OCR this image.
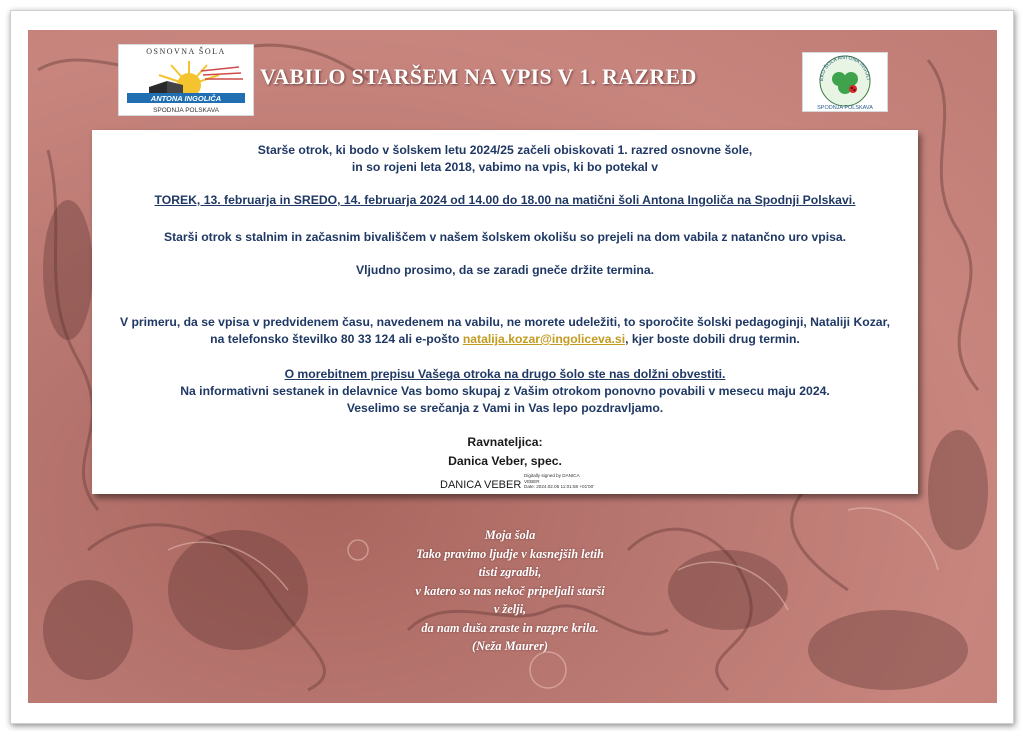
OSNOVNA ŠOLA
ANTONA INGOLIČA
SPODNJA POLSKAVA
VABILO STARŠEM NA VPIS V 1. RAZRED	EKO ŠOLA ANTONA INGOLI
SPODNJA POLSKAVA

Starše otrok, ki bodo v šolskem letu 2024/25 začeli obiskovati 1. razred osnovne šole,

in so rojeni leta 2018, vabimo na vpis, ki bo potekal v

TOREK, 13. februarja in SREDO, 14. februarja 2024 od 14.00 do 18.00 na matični šoli Antona Ingoliča na Spodnji Polskavi.

Starši otrok s stalnim in začasnim bivališčem v našem šolskem okolišu so prejeli na dom vabila z natančno uro vpisa.

Vljudno prosimo, da se zaradi gneče držite termina.

V primeru, da se vpisa v predvidenem času, navedenem na vabilu, ne morete udeležiti, to sporočite šolski pedagoginji, Nataliji Kozar,

na telefonsko številko 80 33 124 ali e-pošto natalija.kozar@ingoliceva.si, kjer boste dobili drug termin.

O morebitnem prepisu Vašega otroka na drugo šolo ste nas dolžni obvestiti.

Na informativni sestanek in delavnice Vas bomo skupaj z Vašim otrokom ponovno povabili v mesecu maju 2024.

Veselimo se srečanja z Vami in Vas lepo pozdravljamo.

Ravnateljica:

Danica Veber, spec.

DANICA VEBER
Digitally signed by DANICA
VEBER
Date: 2024.02.05 11:01:58 +01'00'
Moja šola
Tako pravimo ljudje v kasnejših letih
tisti zgradbi,
v katero so nas nekoč pripeljali starši
v želji,
da nam duša zraste in razpre krila.
(Neža Maurer)
